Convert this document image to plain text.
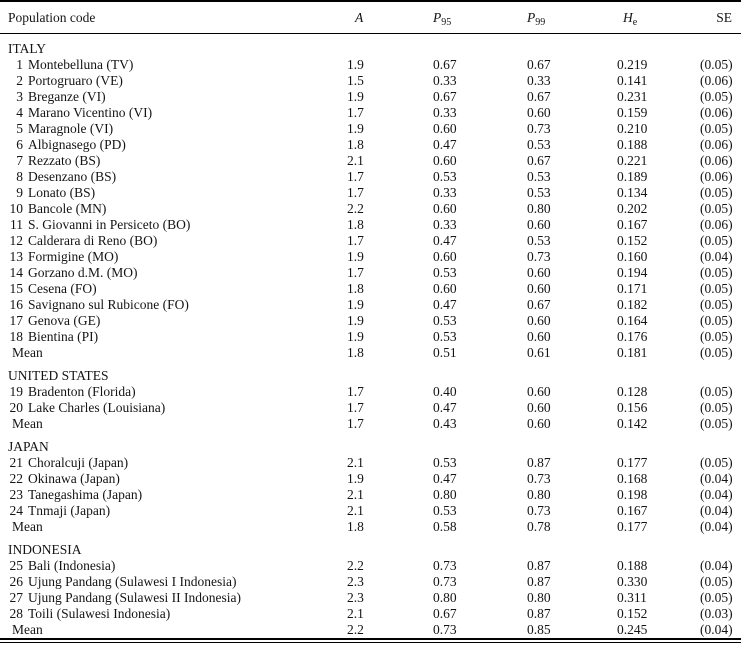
Population code	A	$P_{95}$	$P_{99}$	$H_e$	SE
ITALY					
1 Montebelluna (TV)	1.9	0.67	0.67	0.219	(0.05)
2 Portogruaro (VE)	1.5	0.33	0.33	0.141	(0.06)
3 Breganze (VI)	1.9	0.67	0.67	0.231	(0.05)
4 Marano Vicentino (VI)	1.7	0.33	0.60	0.159	(0.06)
5 Maragnole (VI)	1.9	0.60	0.73	0.210	(0.05)
6 Albignasego (PD)	1.8	0.47	0.53	0.188	(0.06)
7 Rezzato (BS)	2.1	0.60	0.67	0.221	(0.06)
8 Desenzano (BS)	1.7	0.53	0.53	0.189	(0.06)
9 Lonato (BS)	1.7	0.33	0.53	0.134	(0.05)
10 Bancole (MN)	2.2	0.60	0.80	0.202	(0.05)
11 S. Giovanni in Persiceto (BO)	1.8	0.33	0.60	0.167	(0.06)
12 Calderara di Reno (BO)	1.7	0.47	0.53	0.152	(0.05)
13 Formigine (MO)	1.9	0.60	0.73	0.160	(0.04)
14 Gorzano d.M. (MO)	1.7	0.53	0.60	0.194	(0.05)
15 Cesena (FO)	1.8	0.60	0.60	0.171	(0.05)
16 Savignano sul Rubicone (FO)	1.9	0.47	0.67	0.182	(0.05)
17 Genova (GE)	1.9	0.53	0.60	0.164	(0.05)
18 Bientina (PI)	1.9	0.53	0.60	0.176	(0.05)
Mean	1.8	0.51	0.61	0.181	(0.05)
UNITED STATES					
19 Bradenton (Florida)	1.7	0.40	0.60	0.128	(0.05)
20 Lake Charles (Louisiana)	1.7	0.47	0.60	0.156	(0.05)
Mean	1.7	0.43	0.60	0.142	(0.05)
JAPAN					
21 Choralcuji (Japan)	2.1	0.53	0.87	0.177	(0.05)
22 Okinawa (Japan)	1.9	0.47	0.73	0.168	(0.04)
23 Tanegashima (Japan)	2.1	0.80	0.80	0.198	(0.04)
24 Tnmaji (Japan)	2.1	0.53	0.73	0.167	(0.04)
Mean	1.8	0.58	0.78	0.177	(0.04)
INDONESIA					
25 Bali (Indonesia)	2.2	0.73	0.87	0.188	(0.04)
26 Ujung Pandang (Sulawesi I Indonesia)	2.3	0.73	0.87	0.330	(0.05)
27 Ujung Pandang (Sulawesi II Indonesia)	2.3	0.80	0.80	0.311	(0.05)
28 Toili (Sulawesi Indonesia)	2.1	0.67	0.87	0.152	(0.03)
Mean	2.2	0.73	0.85	0.245	(0.04)
